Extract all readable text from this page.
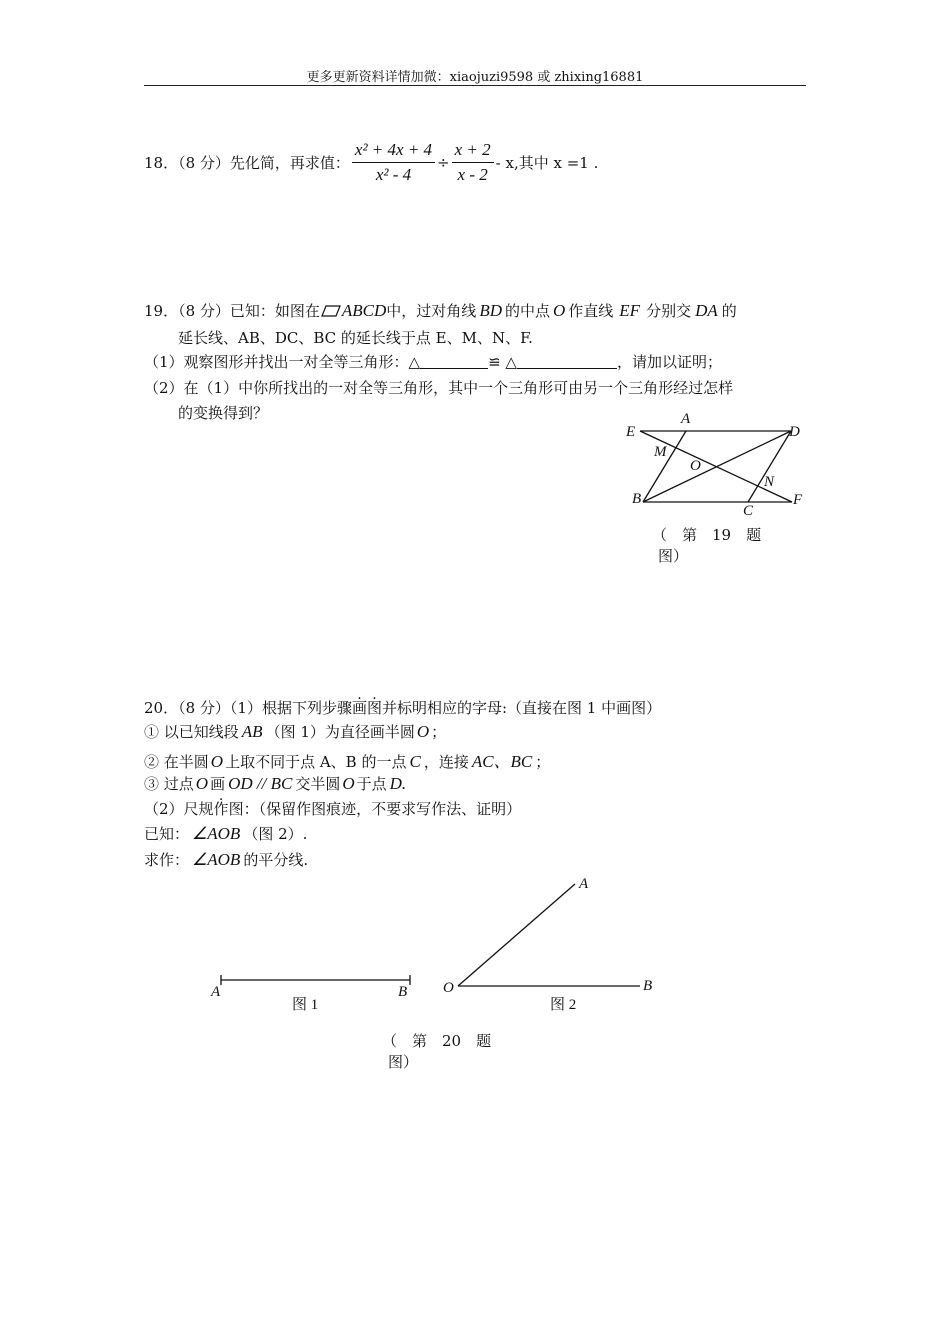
更多更新资料详情加微：xiaojuzi9598 或 zhixing16881
18．（8 分）先化简，再求值： $\frac{\text{x² + 4x + 4}}{\text{x² - 4}} \div \frac{x + 2}{x - 2} - x$,其中 x =1 .
19．（8 分）已知：如图在 ABCD中，过对角线 BD 的中点 O 作直线 EF 分别交 DA 的
延长线、AB、DC、BC 的延长线于点 E、M、N、F.
（1）观察图形并找出一对全等三角形：△	≌ △	，请加以证明；
（2）在（1）中你所找出的一对全等三角形，其中一个三角形可由另一个三角形经过怎样
的变换得到？	A
E	D
M
O
N
B
C
F
（　第　19　题
图）
20．（8 分）（1）根据下列步骤画图并标明相应的字母:（直接在图 1 中画图）
① 以已知线段 AB （图 1）为直径画半圆 O ；
② 在半圆 O 上取不同于点 A、B 的一点 C ，连接 AC、BC ；
③ 过点 O 画 OD // BC 交半圆 O 于点 D.
（2）尺规作图：（保留作图痕迹，不要求写作法、证明）
已知： ∠AOB （图 2）.
求作： ∠AOB 的平分线.
A	B O
A
B
图 1	图 2
（　第　20　题
图）
